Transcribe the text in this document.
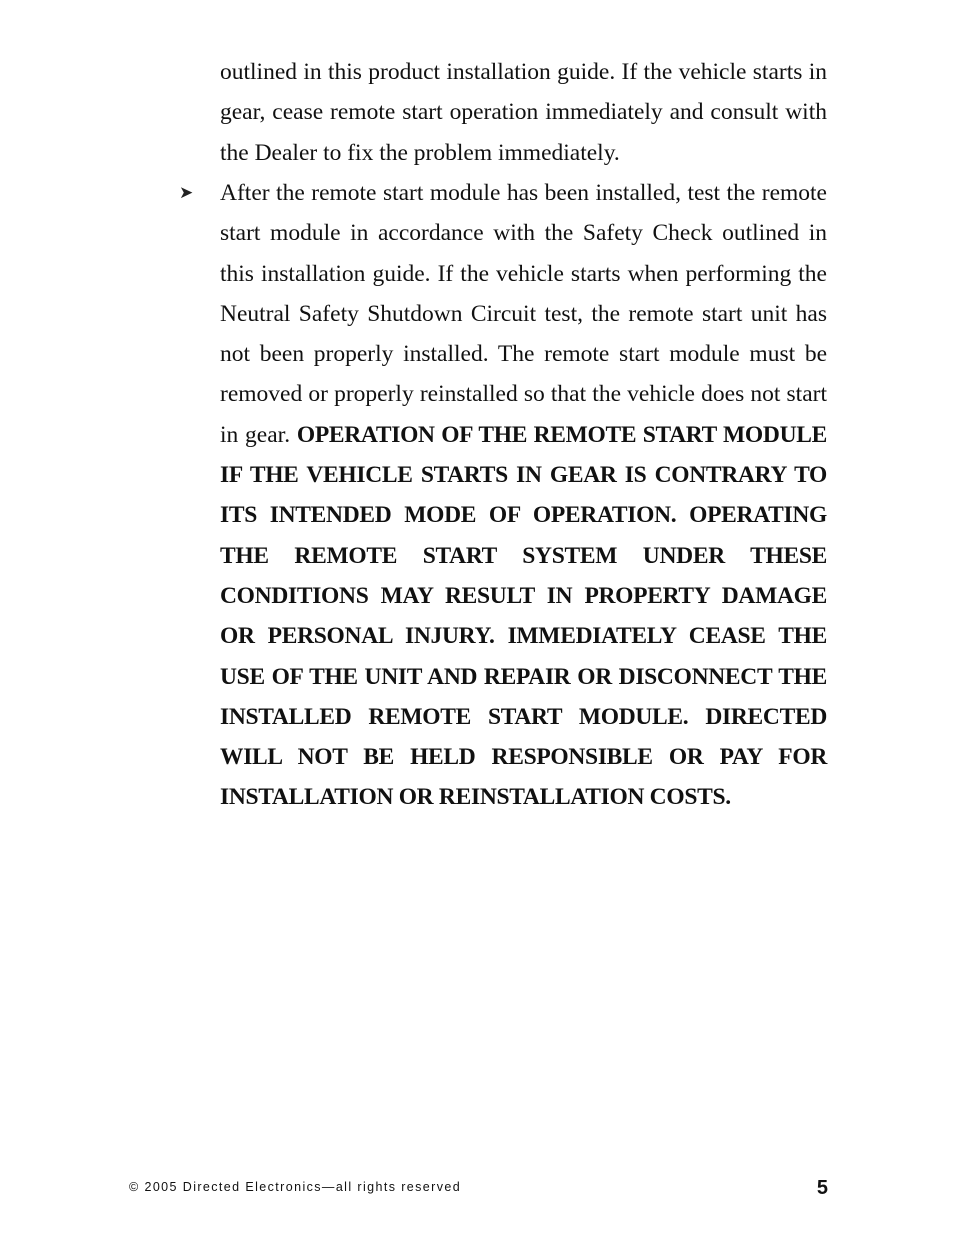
outlined in this product installation guide. If the vehicle starts in gear, cease remote start operation immediately and consult with the Dealer to fix the problem immediately.

➤ After the remote start module has been installed, test the remote start module in accordance with the Safety Check outlined in this installation guide. If the vehicle starts when performing the Neutral Safety Shutdown Circuit test, the remote start unit has not been properly installed. The remote start module must be removed or properly reinstalled so that the vehicle does not start in gear. OPERATION OF THE REMOTE START MODULE IF THE VEHICLE STARTS IN GEAR IS CONTRARY TO ITS INTENDED MODE OF OPERATION. OPERATING THE REMOTE START SYSTEM UNDER THESE CONDITIONS MAY RESULT IN PROPERTY DAMAGE OR PERSONAL INJURY. IMMEDIATELY CEASE THE USE OF THE UNIT AND REPAIR OR DISCONNECT THE INSTALLED REMOTE START MODULE. DIRECTED WILL NOT BE HELD RESPONSIBLE OR PAY FOR INSTALLATION OR REINSTALLATION COSTS.

© 2005 Directed Electronics—all rights reserved	5
